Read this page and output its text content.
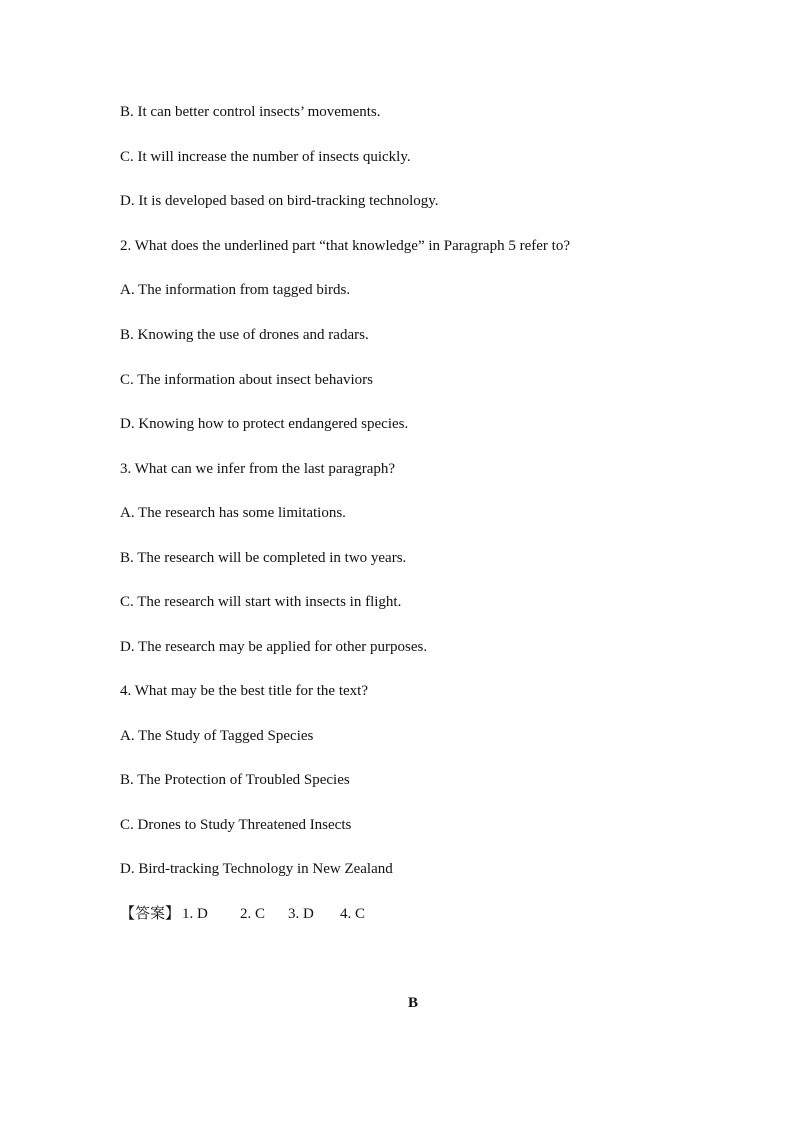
B. It can better control insects’ movements.
C. It will increase the number of insects quickly.
D. It is developed based on bird-tracking technology.
2. What does the underlined part “that knowledge” in Paragraph 5 refer to?
A. The information from tagged birds.
B. Knowing the use of drones and radars.
C. The information about insect behaviors
D. Knowing how to protect endangered species.
3. What can we infer from the last paragraph?
A. The research has some limitations.
B. The research will be completed in two years.
C. The research will start with insects in flight.
D. The research may be applied for other purposes.
4. What may be the best title for the text?
A. The Study of Tagged Species
B. The Protection of Troubled Species
C. Drones to Study Threatened Insects
D. Bird-tracking Technology in New Zealand
【答案】 1. D 2. C 3. D 4. C
B
